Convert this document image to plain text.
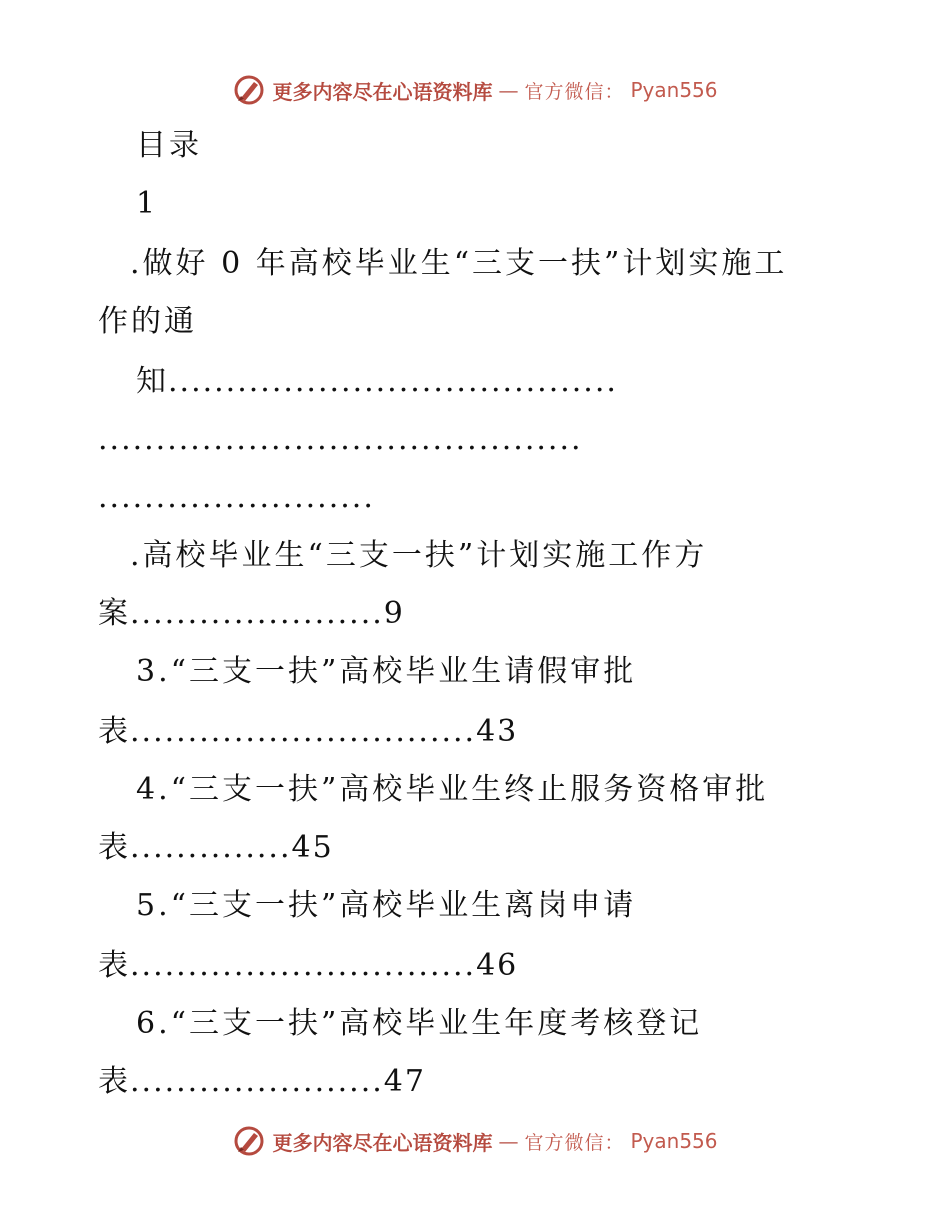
更多内容尽在心语资料库 — 官方微信： Pyan556
目录
1
.做好 0 年高校毕业生“三支一扶”计划实施工
作的通
知.......................................
..........................................
........................
.高校毕业生“三支一扶”计划实施工作方
案......................9
3.“三支一扶”高校毕业生请假审批
表..............................43
4.“三支一扶”高校毕业生终止服务资格审批
表..............45
5.“三支一扶”高校毕业生离岗申请
表..............................46
6.“三支一扶”高校毕业生年度考核登记
表......................47
更多内容尽在心语资料库 — 官方微信： Pyan556
